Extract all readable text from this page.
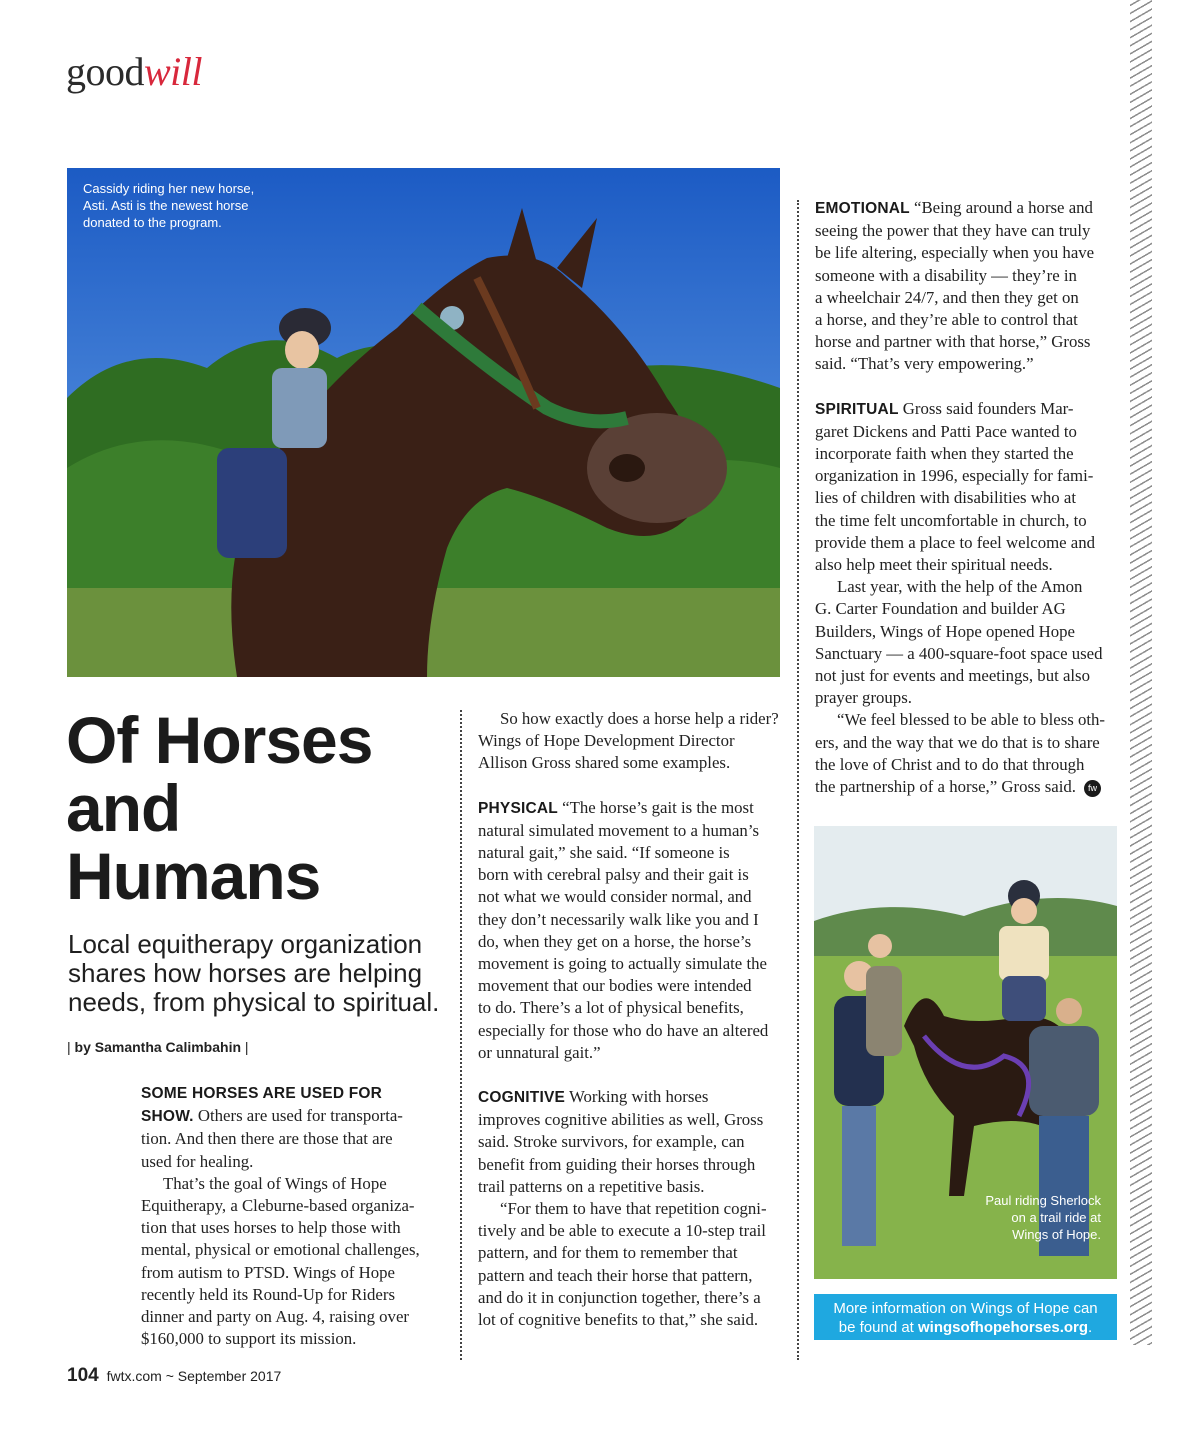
goodwill
Cassidy riding her new horse,
Asti. Asti is the newest horse
donated to the program.
Of Horses
and
Humans
Local equitherapy organization
shares how horses are helping
needs, from physical to spiritual.
| by Samantha Calimbahin |

SOME HORSES ARE USED FOR

SHOW. Others are used for transporta-

tion. And then there are those that are

used for healing.

That’s the goal of Wings of Hope

Equitherapy, a Cleburne-based organiza-

tion that uses horses to help those with

mental, physical or emotional challenges,

from autism to PTSD. Wings of Hope

recently held its Round-Up for Riders

dinner and party on Aug. 4, raising over

$160,000 to support its mission.

So how exactly does a horse help a rider?

Wings of Hope Development Director

Allison Gross shared some examples.

PHYSICAL “The horse’s gait is the most

natural simulated movement to a human’s

natural gait,” she said. “If someone is

born with cerebral palsy and their gait is

not what we would consider normal, and

they don’t necessarily walk like you and I

do, when they get on a horse, the horse’s

movement is going to actually simulate the

movement that our bodies were intended

to do. There’s a lot of physical benefits,

especially for those who do have an altered

or unnatural gait.”

COGNITIVE Working with horses

improves cognitive abilities as well, Gross

said. Stroke survivors, for example, can

benefit from guiding their horses through

trail patterns on a repetitive basis.

“For them to have that repetition cogni-

tively and be able to execute a 10-step trail

pattern, and for them to remember that

pattern and teach their horse that pattern,

and do it in conjunction together, there’s a

lot of cognitive benefits to that,” she said.

EMOTIONAL “Being around a horse and

seeing the power that they have can truly

be life altering, especially when you have

someone with a disability — they’re in

a wheelchair 24/7, and then they get on

a horse, and they’re able to control that

horse and partner with that horse,” Gross

said. “That’s very empowering.”

SPIRITUAL Gross said founders Mar-

garet Dickens and Patti Pace wanted to

incorporate faith when they started the

organization in 1996, especially for fami-

lies of children with disabilities who at

the time felt uncomfortable in church, to

provide them a place to feel welcome and

also help meet their spiritual needs.

Last year, with the help of the Amon

G. Carter Foundation and builder AG

Builders, Wings of Hope opened Hope

Sanctuary — a 400-square-foot space used

not just for events and meetings, but also

prayer groups.

“We feel blessed to be able to bless oth-

ers, and the way that we do that is to share

the love of Christ and to do that through

the partnership of a horse,” Gross said. fw

Paul riding Sherlock
on a trail ride at
Wings of Hope.
More information on Wings of Hope can
be found at wingsofhopehorses.org.
104 fwtx.com ~ September 2017
